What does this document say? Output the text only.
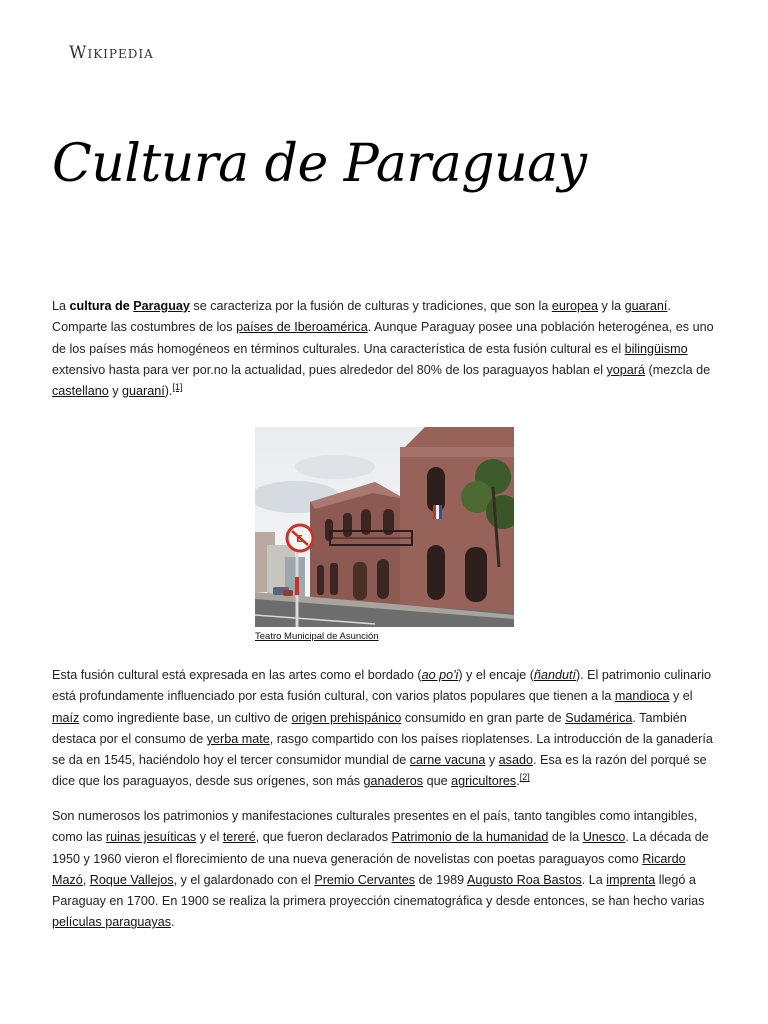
Wikipedia
Cultura de Paraguay

La cultura de Paraguay se caracteriza por la fusión de culturas y tradiciones, que son la europea y la guaraní. Comparte las costumbres de los países de Iberoamérica. Aunque Paraguay posee una población heterogénea, es uno de los países más homogéneos en términos culturales. Una característica de esta fusión cultural es el bilingüismo extensivo hasta para ver por.no la actualidad, pues alrededor del 80% de los paraguayos hablan el yopará (mezcla de castellano y guaraní).[1]

E
Teatro Municipal de Asunción

Esta fusión cultural está expresada en las artes como el bordado (ao po'i) y el encaje (ñandutí). El patrimonio culinario está profundamente influenciado por esta fusión cultural, con varios platos populares que tienen a la mandioca y el maíz como ingrediente base, un cultivo de origen prehispánico consumido en gran parte de Sudamérica. También destaca por el consumo de yerba mate, rasgo compartido con los países rioplatenses. La introducción de la ganadería se da en 1545, haciéndolo hoy el tercer consumidor mundial de carne vacuna y asado. Esa es la razón del porqué se dice que los paraguayos, desde sus orígenes, son más ganaderos que agricultores.[2]

Son numerosos los patrimonios y manifestaciones culturales presentes en el país, tanto tangibles como intangibles, como las ruinas jesuíticas y el tereré, que fueron declarados Patrimonio de la humanidad de la Unesco. La década de 1950 y 1960 vieron el florecimiento de una nueva generación de novelistas con poetas paraguayos como Ricardo Mazó, Roque Vallejos, y el galardonado con el Premio Cervantes de 1989 Augusto Roa Bastos. La imprenta llegó a Paraguay en 1700. En 1900 se realiza la primera proyección cinematográfica y desde entonces, se han hecho varias películas paraguayas.
